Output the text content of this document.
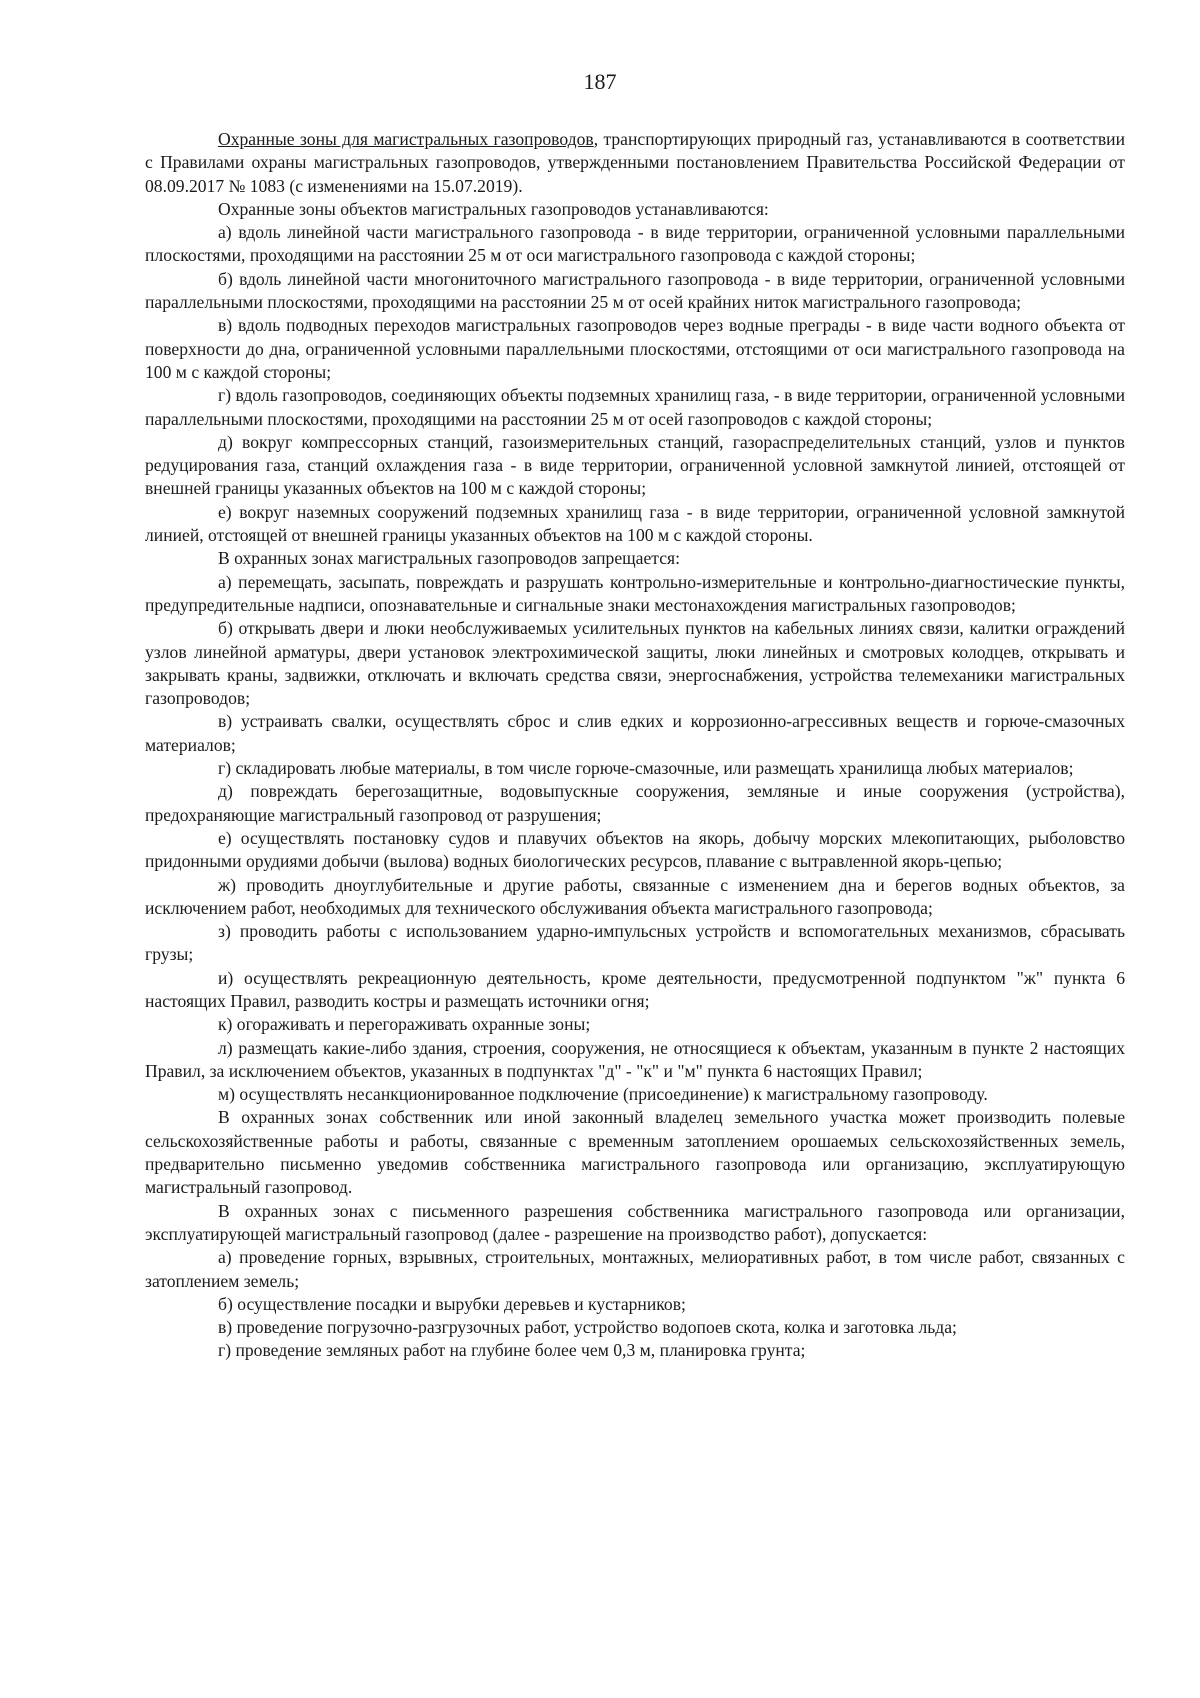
187

Охранные зоны для магистральных газопроводов, транспортирующих природный газ, устанавливаются в соответствии с Правилами охраны магистральных газопроводов, утвержденными постановлением Правительства Российской Федерации от 08.09.2017 № 1083 (с изменениями на 15.07.2019).

Охранные зоны объектов магистральных газопроводов устанавливаются:

а) вдоль линейной части магистрального газопровода - в виде территории, ограниченной условными параллельными плоскостями, проходящими на расстоянии 25 м от оси магистрального газопровода с каждой стороны;

б) вдоль линейной части многониточного магистрального газопровода - в виде территории, ограниченной условными параллельными плоскостями, проходящими на расстоянии 25 м от осей крайних ниток магистрального газопровода;

в) вдоль подводных переходов магистральных газопроводов через водные преграды - в виде части водного объекта от поверхности до дна, ограниченной условными параллельными плоскостями, отстоящими от оси магистрального газопровода на 100 м с каждой стороны;

г) вдоль газопроводов, соединяющих объекты подземных хранилищ газа, - в виде территории, ограниченной условными параллельными плоскостями, проходящими на расстоянии 25 м от осей газопроводов с каждой стороны;

д) вокруг компрессорных станций, газоизмерительных станций, газораспределительных станций, узлов и пунктов редуцирования газа, станций охлаждения газа - в виде территории, ограниченной условной замкнутой линией, отстоящей от внешней границы указанных объектов на 100 м с каждой стороны;

е) вокруг наземных сооружений подземных хранилищ газа - в виде территории, ограниченной условной замкнутой линией, отстоящей от внешней границы указанных объектов на 100 м с каждой стороны.

В охранных зонах магистральных газопроводов запрещается:

а) перемещать, засыпать, повреждать и разрушать контрольно-измерительные и контрольно-диагностические пункты, предупредительные надписи, опознавательные и сигнальные знаки местонахождения магистральных газопроводов;

б) открывать двери и люки необслуживаемых усилительных пунктов на кабельных линиях связи, калитки ограждений узлов линейной арматуры, двери установок электрохимической защиты, люки линейных и смотровых колодцев, открывать и закрывать краны, задвижки, отключать и включать средства связи, энергоснабжения, устройства телемеханики магистральных газопроводов;

в) устраивать свалки, осуществлять сброс и слив едких и коррозионно-агрессивных веществ и горюче-смазочных материалов;

г) складировать любые материалы, в том числе горюче-смазочные, или размещать хранилища любых материалов;

д) повреждать берегозащитные, водовыпускные сооружения, земляные и иные сооружения (устройства), предохраняющие магистральный газопровод от разрушения;

е) осуществлять постановку судов и плавучих объектов на якорь, добычу морских млекопитающих, рыболовство придонными орудиями добычи (вылова) водных биологических ресурсов, плавание с вытравленной якорь-цепью;

ж) проводить дноуглубительные и другие работы, связанные с изменением дна и берегов водных объектов, за исключением работ, необходимых для технического обслуживания объекта магистрального газопровода;

з) проводить работы с использованием ударно-импульсных устройств и вспомогательных механизмов, сбрасывать грузы;

и) осуществлять рекреационную деятельность, кроме деятельности, предусмотренной подпунктом "ж" пункта 6 настоящих Правил, разводить костры и размещать источники огня;

к) огораживать и перегораживать охранные зоны;

л) размещать какие-либо здания, строения, сооружения, не относящиеся к объектам, указанным в пункте 2 настоящих Правил, за исключением объектов, указанных в подпунктах "д" - "к" и "м" пункта 6 настоящих Правил;

м) осуществлять несанкционированное подключение (присоединение) к магистральному газопроводу.

В охранных зонах собственник или иной законный владелец земельного участка может производить полевые сельскохозяйственные работы и работы, связанные с временным затоплением орошаемых сельскохозяйственных земель, предварительно письменно уведомив собственника магистрального газопровода или организацию, эксплуатирующую магистральный газопровод.

В охранных зонах с письменного разрешения собственника магистрального газопровода или организации, эксплуатирующей магистральный газопровод (далее - разрешение на производство работ), допускается:

а) проведение горных, взрывных, строительных, монтажных, мелиоративных работ, в том числе работ, связанных с затоплением земель;

б) осуществление посадки и вырубки деревьев и кустарников;

в) проведение погрузочно-разгрузочных работ, устройство водопоев скота, колка и заготовка льда;

г) проведение земляных работ на глубине более чем 0,3 м, планировка грунта;
